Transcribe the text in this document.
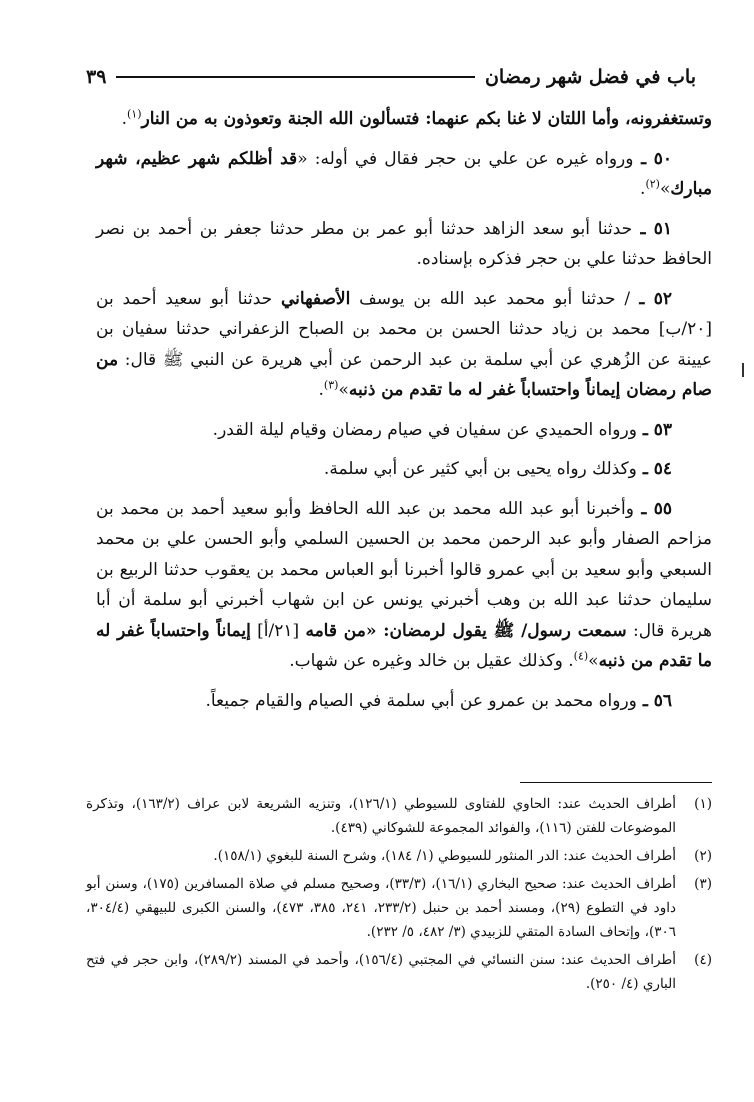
باب في فضل شهر رمضان
٣٩

وتستغفرونه، وأما اللتان لا غنا بكم عنهما: فتسألون الله الجنة وتعوذون به من النار$^{(١)}$.

٥٠ ـ ورواه غيره عن علي بن حجر فقال في أوله: «قد أظلكم شهر عظيم، شهر مبارك»$^{(٢)}$.

٥١ ـ حدثنا أبو سعد الزاهد حدثنا أبو عمر بن مطر حدثنا جعفر بن أحمد بن نصر الحافظ حدثنا علي بن حجر فذكره بإسناده.

٥٢ ـ / حدثنا أبو محمد عبد الله بن يوسف الأصفهاني حدثنا أبو سعيد أحمد بن [٢٠/ب] محمد بن زياد حدثنا الحسن بن محمد بن الصباح الزعفراني حدثنا سفيان بن عيينة عن الزُهري عن أبي سلمة بن عبد الرحمن عن أبي هريرة عن النبي ﷺ قال: من صام رمضان إيماناً واحتساباً غفر له ما تقدم من ذنبه»$^{(٣)}$.

٥٣ ـ ورواه الحميدي عن سفيان في صيام رمضان وقيام ليلة القدر.

٥٤ ـ وكذلك رواه يحيى بن أبي كثير عن أبي سلمة.

٥٥ ـ وأخبرنا أبو عبد الله محمد بن عبد الله الحافظ وأبو سعيد أحمد بن محمد بن مزاحم الصفار وأبو عبد الرحمن محمد بن الحسين السلمي وأبو الحسن علي بن محمد السبعي وأبو سعيد بن أبي عمرو قالوا أخبرنا أبو العباس محمد بن يعقوب حدثنا الربيع بن سليمان حدثنا عبد الله بن وهب أخبرني يونس عن ابن شهاب أخبرني أبو سلمة أن أبا هريرة قال: سمعت رسول/ ﷺ يقول لرمضان: «من قامه [٢١/أ] إيماناً واحتساباً غفر له ما تقدم من ذنبه»$^{(٤)}$. وكذلك عقيل بن خالد وغيره عن شهاب.

٥٦ ـ ورواه محمد بن عمرو عن أبي سلمة في الصيام والقيام جميعاً.

(١)
أطراف الحديث عند: الحاوي للفتاوى للسيوطي (١٢٦/١)، وتنزيه الشريعة لابن عراف (١٦٣/٢)، وتذكرة الموضوعات للفتن (١١٦)، والفوائد المجموعة للشوكاني (٤٣٩).
(٢)
أطراف الحديث عند: الدر المنثور للسيوطي (١/ ١٨٤)، وشرح السنة للبغوي (١٥٨/١).
(٣)
أطراف الحديث عند: صحيح البخاري (١٦/١)، (٣٣/٣)، وصحيح مسلم في صلاة المسافرين (١٧٥)، وسنن أبو داود في التطوع (٢٩)، ومسند أحمد بن حنبل (٢٣٣/٢، ٢٤١، ٣٨٥، ٤٧٣)، والسنن الكبرى للبيهقي (٣٠٤/٤، ٣٠٦)، وإتحاف السادة المتقي للزبيدي (٣/ ٤٨٢، ٥/ ٢٣٢).
(٤)
أطراف الحديث عند: سنن النسائي في المجتبي (١٥٦/٤)، وأحمد في المسند (٢٨٩/٢)، وابن حجر في فتح الباري (٤/ ٢٥٠).
